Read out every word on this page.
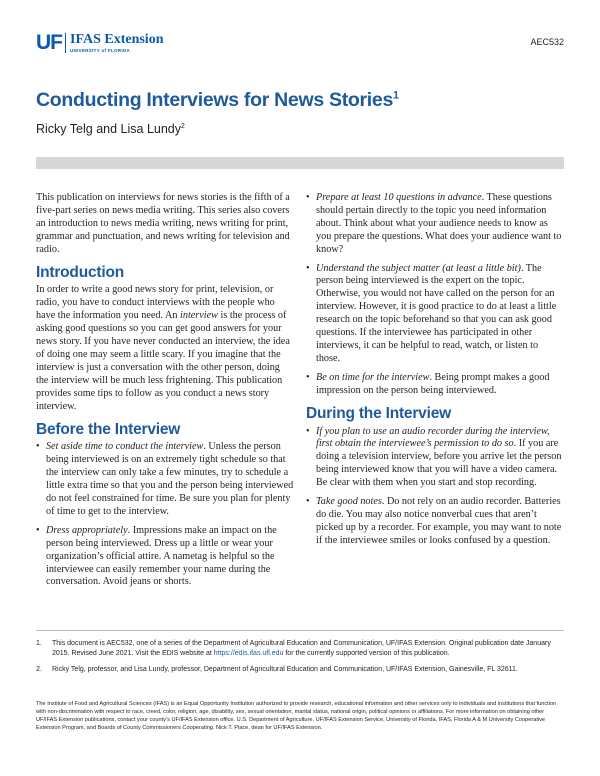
UF IFAS Extension
UNIVERSITY of FLORIDA
AEC532
Conducting Interviews for News Stories$^1$

Ricky Telg and Lisa Lundy$^2$

This publication on interviews for news stories is the fifth of a five-part series on news media writing. This series also covers an introduction to news media writing, news writing for print, grammar and punctuation, and news writing for television and radio.

Introduction

In order to write a good news story for print, television, or radio, you have to conduct interviews with the people who have the information you need. An interview is the process of asking good questions so you can get good answers for your news story. If you have never conducted an interview, the idea of doing one may seem a little scary. If you imagine that the interview is just a conversation with the other person, doing the interview will be much less frightening. This publication provides some tips to follow as you conduct a news story interview.

Before the Interview
• Set aside time to conduct the interview. Unless the person being interviewed is on an extremely tight schedule so that the interview can only take a few minutes, try to schedule a little extra time so that you and the person being interviewed do not feel constrained for time. Be sure you plan for plenty of time to get to the interview.
• Dress appropriately. Impressions make an impact on the person being interviewed. Dress up a little or wear your organization’s official attire. A nametag is helpful so the interviewee can easily remember your name during the conversation. Avoid jeans or shorts.
• Prepare at least 10 questions in advance. These questions should pertain directly to the topic you need information about. Think about what your audience needs to know as you prepare the questions. What does your audience want to know?
• Understand the subject matter (at least a little bit). The person being interviewed is the expert on the topic. Otherwise, you would not have called on the person for an interview. However, it is good practice to do at least a little research on the topic beforehand so that you can ask good questions. If the interviewee has participated in other interviews, it can be helpful to read, watch, or listen to those.
• Be on time for the interview. Being prompt makes a good impression on the person being interviewed.
During the Interview
• If you plan to use an audio recorder during the interview, first obtain the interviewee’s permission to do so. If you are doing a television interview, before you arrive let the person being interviewed know that you will have a video camera. Be clear with them when you start and stop recording.
• Take good notes. Do not rely on an audio recorder. Batteries do die. You may also notice nonverbal cues that aren’t picked up by a recorder. For example, you may want to note if the interviewee smiles or looks confused by a question.
1. This document is AEC532, one of a series of the Department of Agricultural Education and Communication, UF/IFAS Extension. Original publication date January 2015. Revised June 2021. Visit the EDIS website at https://edis.ifas.ufl.edu for the currently supported version of this publication.
2. Ricky Telg, professor, and Lisa Lundy, professor, Department of Agricultural Education and Communication, UF/IFAS Extension, Gainesville, FL 32611.

The Institute of Food and Agricultural Sciences (IFAS) is an Equal Opportunity Institution authorized to provide research, educational information and other services only to individuals and institutions that function with non-discrimination with respect to race, creed, color, religion, age, disability, sex, sexual orientation, marital status, national origin, political opinions or affiliations. For more information on obtaining other UF/IFAS Extension publications, contact your county’s UF/IFAS Extension office. U.S. Department of Agriculture, UF/IFAS Extension Service, University of Florida, IFAS, Florida A & M University Cooperative Extension Program, and Boards of County Commissioners Cooperating. Nick T. Place, dean for UF/IFAS Extension.
